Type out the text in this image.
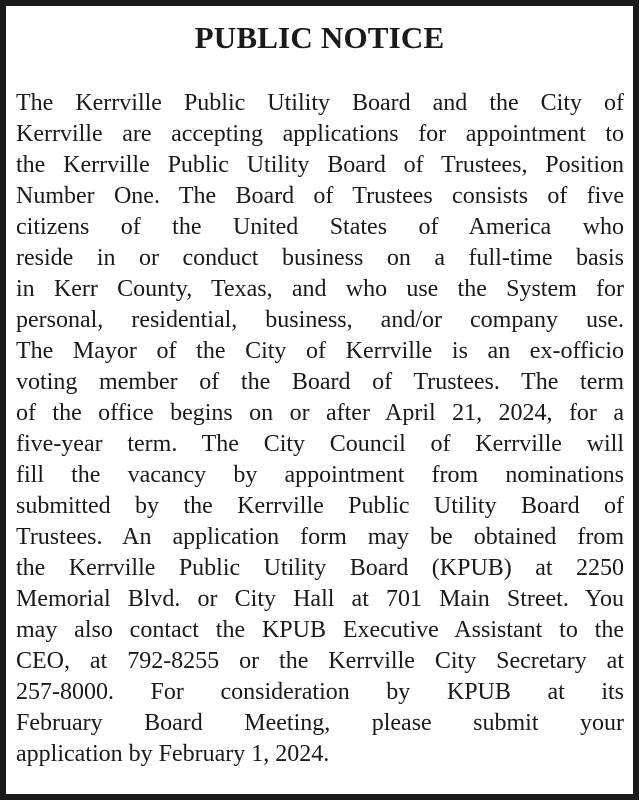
PUBLIC NOTICE
The Kerrville Public Utility Board and the City of
Kerrville are accepting applications for appointment to
the Kerrville Public Utility Board of Trustees, Position
Number One. The Board of Trustees consists of five
citizens of the United States of America who
reside in or conduct business on a full-time basis
in Kerr County, Texas, and who use the System for
personal, residential, business, and/or company use.
The Mayor of the City of Kerrville is an ex-officio
voting member of the Board of Trustees. The term
of the office begins on or after April 21, 2024, for a
five-year term. The City Council of Kerrville will
fill the vacancy by appointment from nominations
submitted by the Kerrville Public Utility Board of
Trustees. An application form may be obtained from
the Kerrville Public Utility Board (KPUB) at 2250
Memorial Blvd. or City Hall at 701 Main Street. You
may also contact the KPUB Executive Assistant to the
CEO, at 792-8255 or the Kerrville City Secretary at
257-8000. For consideration by KPUB at its
February Board Meeting, please submit your
application by February 1, 2024.
